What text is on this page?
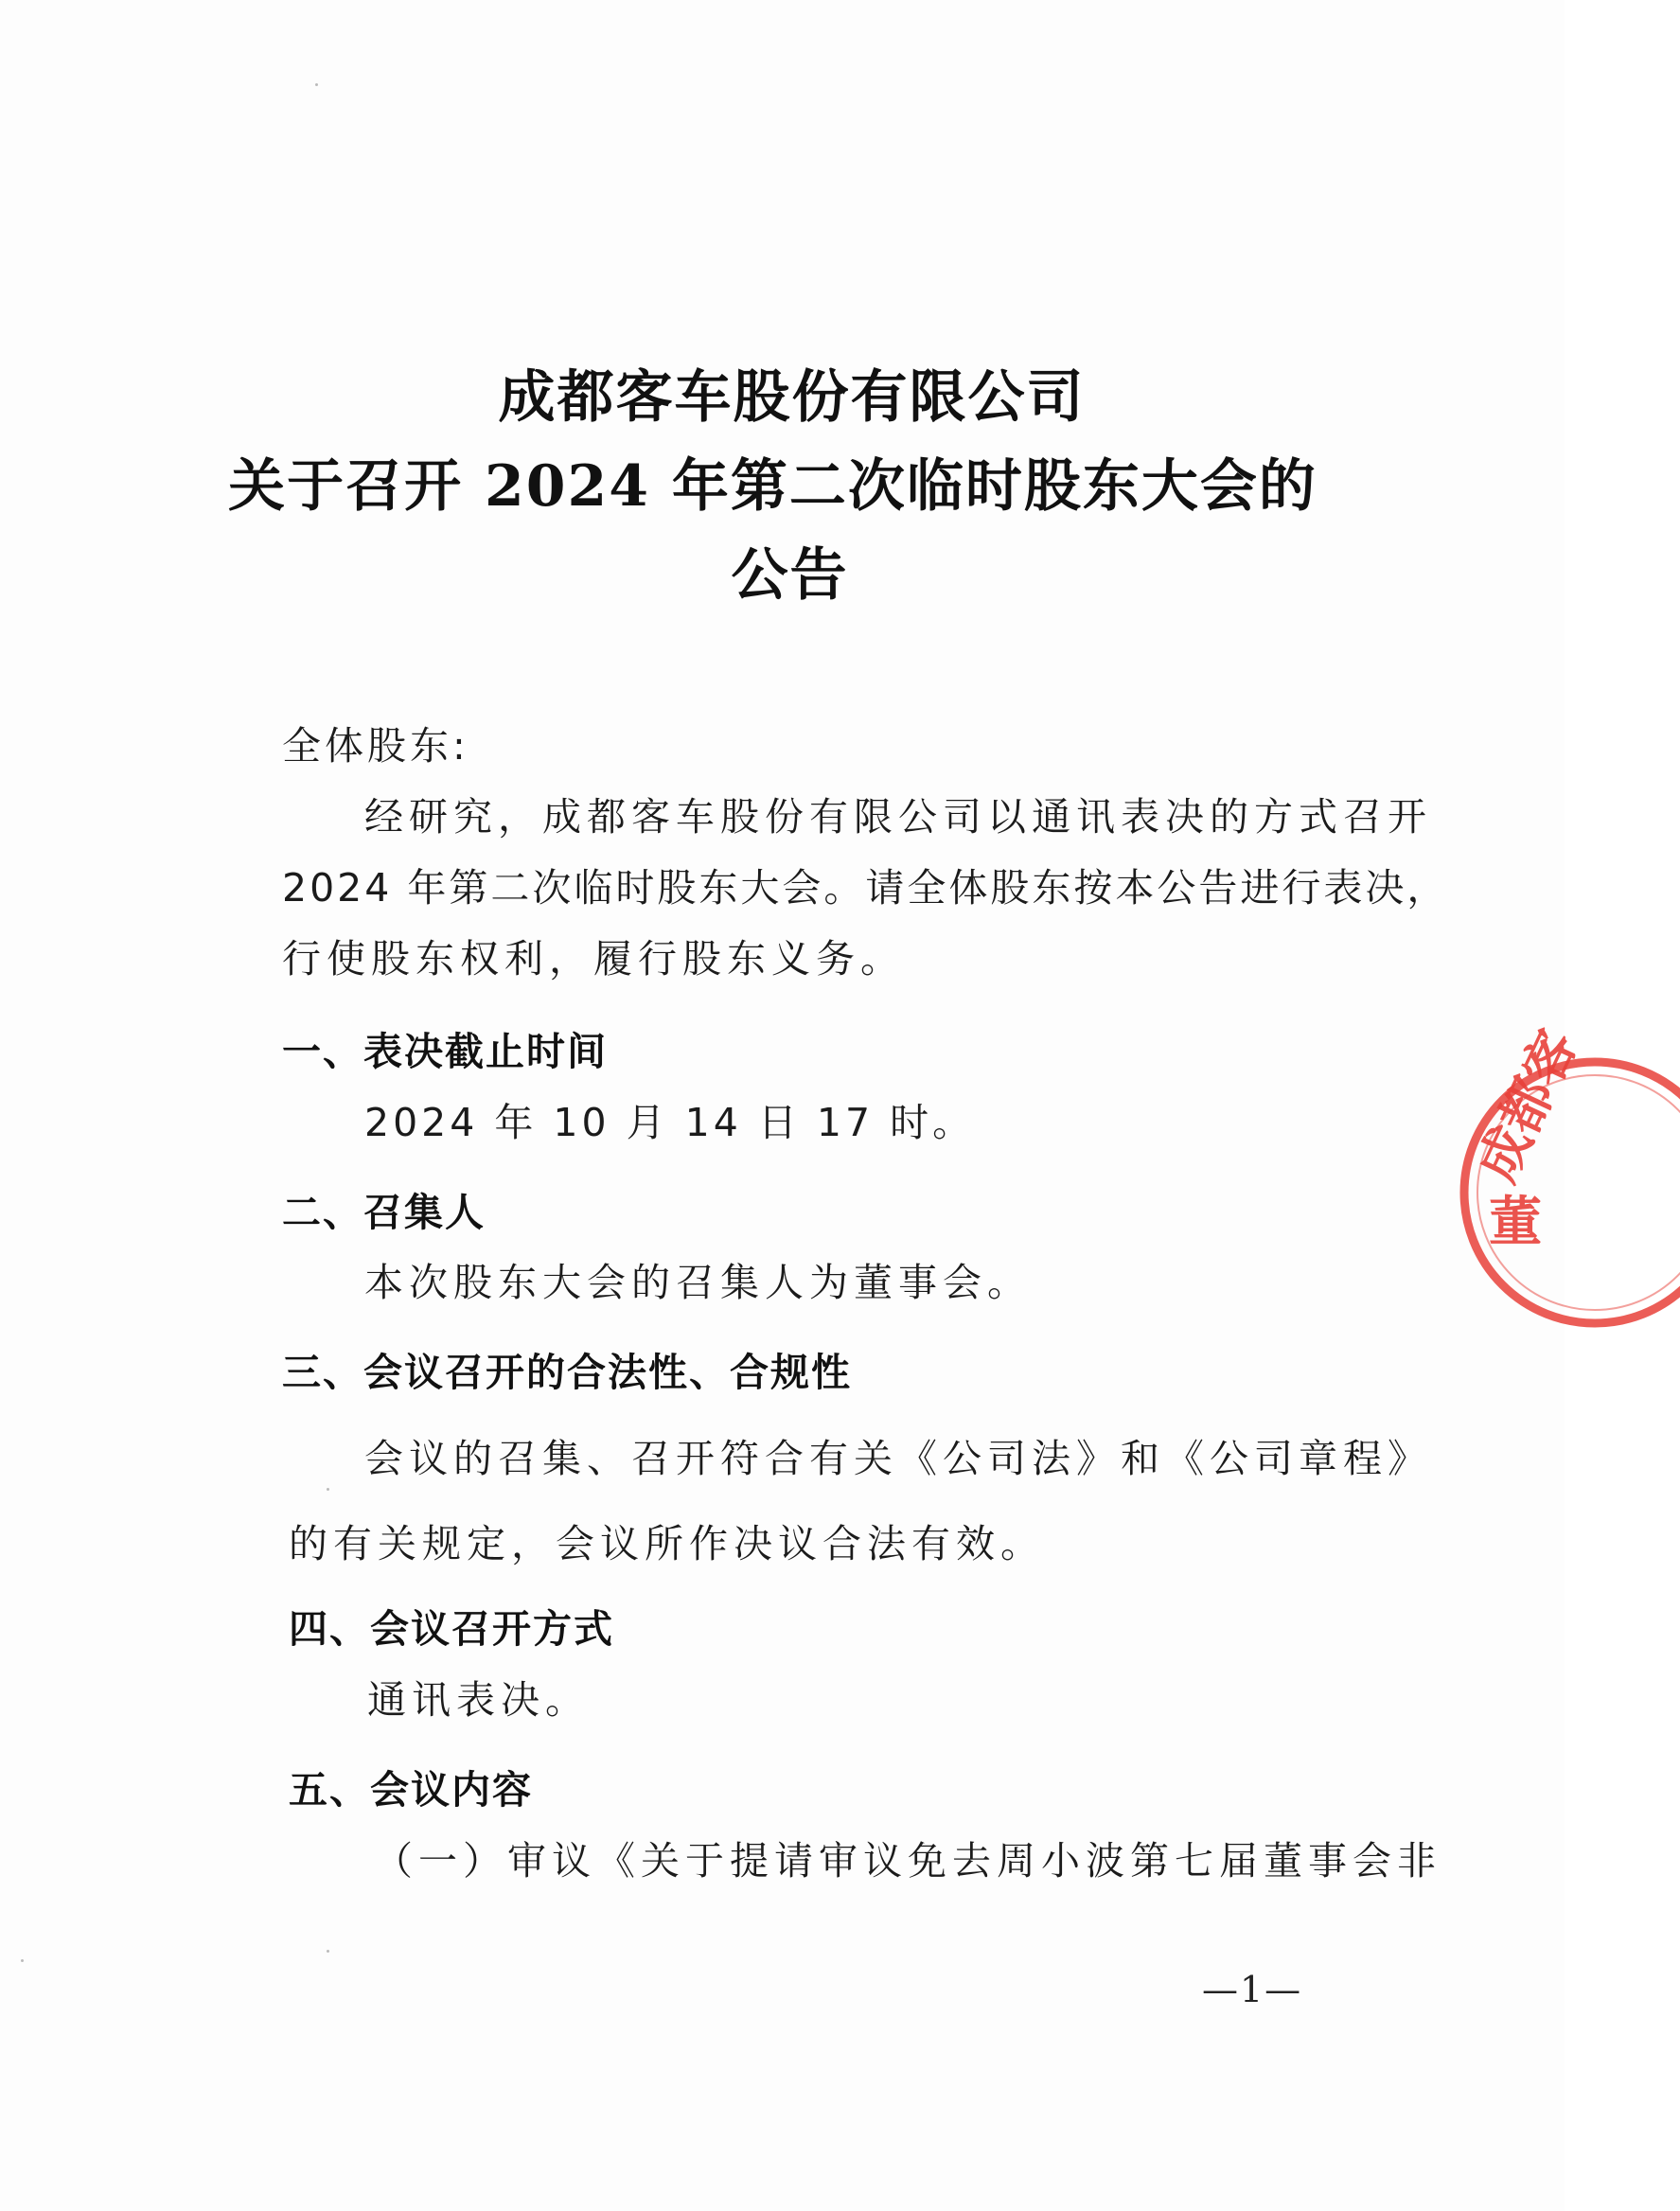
成都客车股份有限公司
关于召开 2024 年第二次临时股东大会的
公告
全体股东:
经研究，成都客车股份有限公司以通讯表决的方式召开
2024 年第二次临时股东大会。请全体股东按本公告进行表决，
行使股东权利，履行股东义务。
一、表决截止时间
2024 年 10 月 14 日 17 时。
二、召集人
本次股东大会的召集人为董事会。
三、会议召开的合法性、合规性
会议的召集、召开符合有关《公司法》和《公司章程》
的有关规定，会议所作决议合法有效。
四、会议召开方式
通讯表决。
五、会议内容
（一）审议《关于提请审议免去周小波第七届董事会非
—1—
成都客
董
